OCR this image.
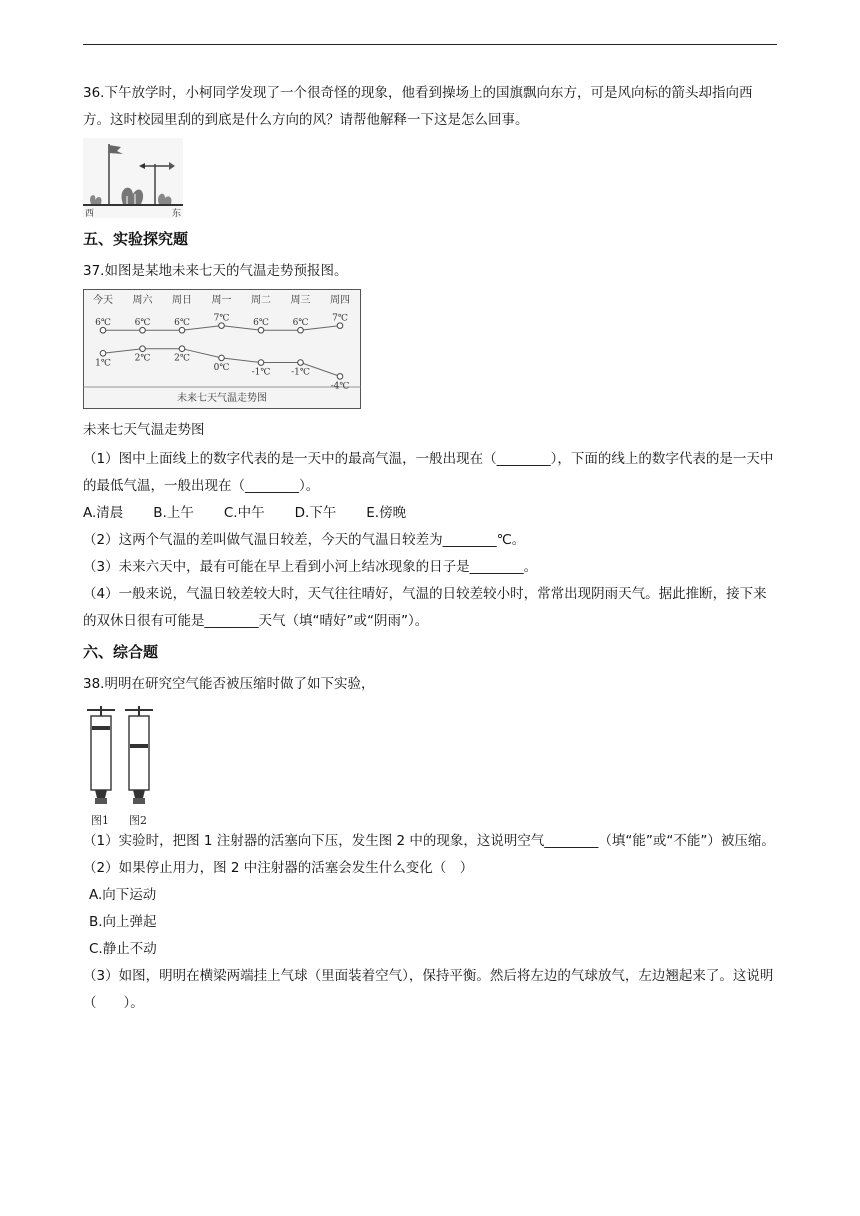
36.下午放学时，小柯同学发现了一个很奇怪的现象，他看到操场上的国旗飘向东方，可是风向标的箭头却指向西方。这时校园里刮的到底是什么方向的风？请帮他解释一下这是怎么回事。

西	东
五、实验探究题

37.如图是某地未来七天的气温走势预报图。

今天 周六 周日 周一 周二 周三 周四
6℃	6℃	6℃	7℃	6℃	6℃	7℃
1℃	2℃	2℃
0℃ -1℃ -1℃
-4℃
未来七天气温走势图

未来七天气温走势图

（1）图中上面线上的数字代表的是一天中的最高气温，一般出现在（________），下面的线上的数字代表的是一天中的最低气温，一般出现在（________）。

A.清晨 B.上午 C.中午 D.下午 E.傍晚

（2）这两个气温的差叫做气温日较差，今天的气温日较差为________℃。

（3）未来六天中，最有可能在早上看到小河上结冰现象的日子是________。

（4）一般来说，气温日较差较大时，天气往往晴好，气温的日较差较小时，常常出现阴雨天气。据此推断，接下来的双休日很有可能是________天气（填“晴好”或“阴雨”）。

六、综合题

38.明明在研究空气能否被压缩时做了如下实验，

图1 图2

（1）实验时，把图 1 注射器的活塞向下压，发生图 2 中的现象，这说明空气________（填“能”或“不能”）被压缩。

（2）如果停止用力，图 2 中注射器的活塞会发生什么变化（　）

A.向下运动

B.向上弹起

C.静止不动

（3）如图，明明在横梁两端挂上气球（里面装着空气），保持平衡。然后将左边的气球放气，左边翘起来了。这说明（　　）。
